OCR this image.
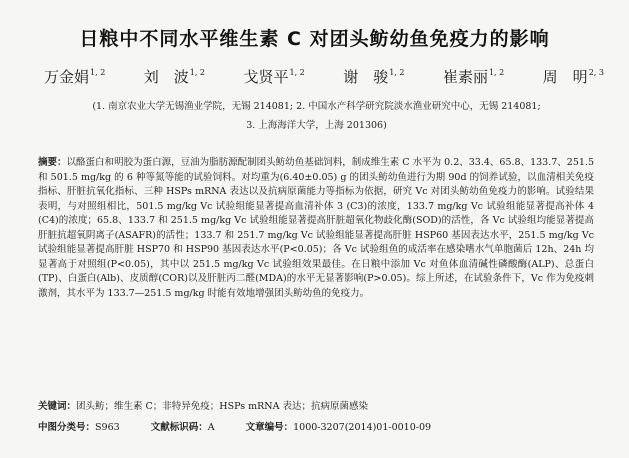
日粮中不同水平维生素 C 对团头鲂幼鱼免疫力的影响
万金娟$^{1, 2}$	刘　波$^{1, 2}$	戈贤平$^{1, 2}$	谢　骏$^{1, 2}$	崔素丽$^{1, 2}$	周　明$^{2, 3}$
(1. 南京农业大学无锡渔业学院，无锡 214081; 2. 中国水产科学研究院淡水渔业研究中心，无锡 214081;
3. 上海海洋大学，上海 201306)

摘要：以酪蛋白和明胶为蛋白源，豆油为脂肪源配制团头鲂幼鱼基础饲料，制成维生素 C 水平为 0.2、33.4、65.8、133.7、251.5 和 501.5 mg/kg 的 6 种等氮等能的试验饲料。对均重为(6.40±0.05) g 的团头鲂幼鱼进行为期 90d 的饲养试验，以血清相关免疫指标、肝脏抗氧化指标、三种 HSPs mRNA 表达以及抗病原菌能力等指标为依据，研究 Vc 对团头鲂幼鱼免疫力的影响。试验结果表明，与对照组相比，501.5 mg/kg Vc 试验组能显著提高血清补体 3 (C3)的浓度，133.7 mg/kg Vc 试验组能显著提高补体 4 (C4)的浓度；65.8、133.7 和 251.5 mg/kg Vc 试验组能显著提高肝脏超氧化物歧化酶(SOD)的活性，各 Vc 试验组均能显著提高肝脏抗超氧阴离子(ASAFR)的活性；133.7 和 251.7 mg/kg Vc 试验组能显著提高肝脏 HSP60 基因表达水平，251.5 mg/kg Vc 试验组能显著提高肝脏 HSP70 和 HSP90 基因表达水平(P<0.05)；各 Vc 试验组鱼的成活率在感染嗜水气单胞菌后 12h、24h 均显著高于对照组(P<0.05)，其中以 251.5 mg/kg Vc 试验组效果最佳。在日粮中添加 Vc 对鱼体血清碱性磷酸酶(ALP)、总蛋白(TP)、白蛋白(Alb)、皮质醇(COR)以及肝脏丙二醛(MDA)的水平无显著影响(P>0.05)。综上所述，在试验条件下，Vc 作为免疫刺激剂，其水平为 133.7—251.5 mg/kg 时能有效地增强团头鲂幼鱼的免疫力。

关键词：团头鲂；维生素 C；非特异免疫；HSPs mRNA 表达；抗病原菌感染
中图分类号：S963	文献标识码：A	文章编号：1000-3207(2014)01-0010-09
